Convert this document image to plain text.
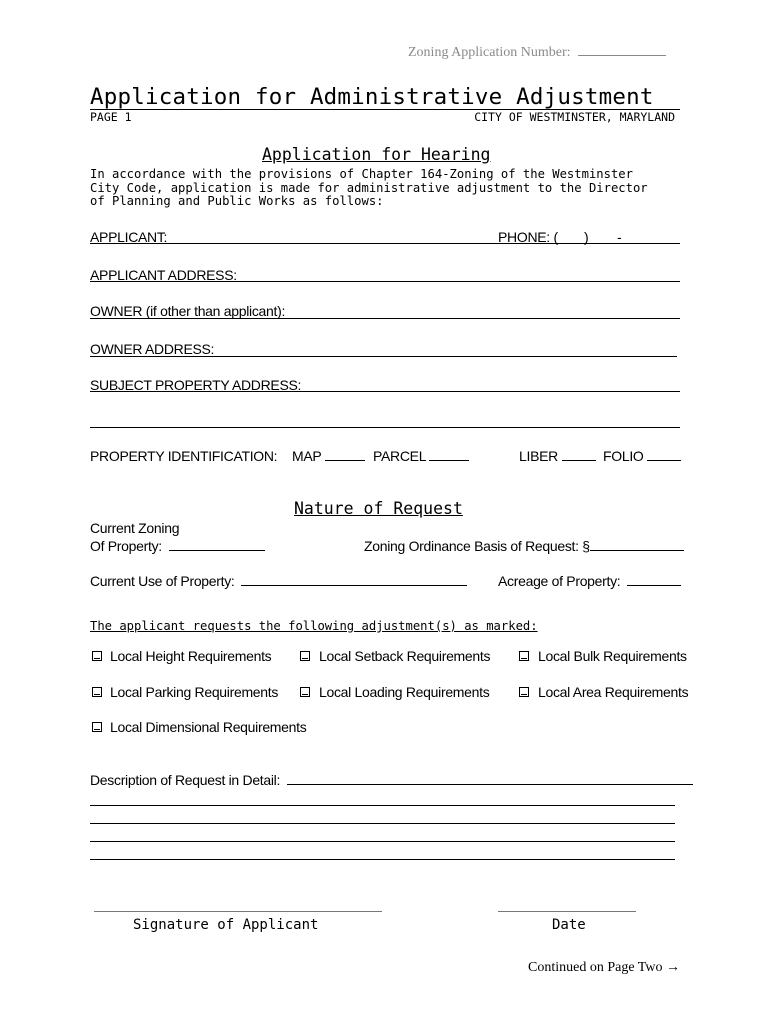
Zoning Application Number:
Application for Administrative Adjustment
PAGE 1	CITY OF WESTMINSTER, MARYLAND
Application for Hearing
In accordance with the provisions of Chapter 164-Zoning of the Westminster
City Code, application is made for administrative adjustment to the Director
of Planning and Public Works as follows:
APPLICANT:	PHONE: ( ) -
APPLICANT ADDRESS:
OWNER (if other than applicant):
OWNER ADDRESS:
SUBJECT PROPERTY ADDRESS:
PROPERTY IDENTIFICATION: MAP	PARCEL	LIBER	FOLIO
Nature of Request
Current Zoning
Of Property:	Zoning Ordinance Basis of Request: §
Current Use of Property:	Acreage of Property:
The applicant requests the following adjustment(s) as marked:
Local Height Requirements	Local Setback Requirements	Local Bulk Requirements
Local Parking Requirements	Local Loading Requirements	Local Area Requirements
Local Dimensional Requirements
Description of Request in Detail:
Signature of Applicant	Date
Continued on Page Two →
